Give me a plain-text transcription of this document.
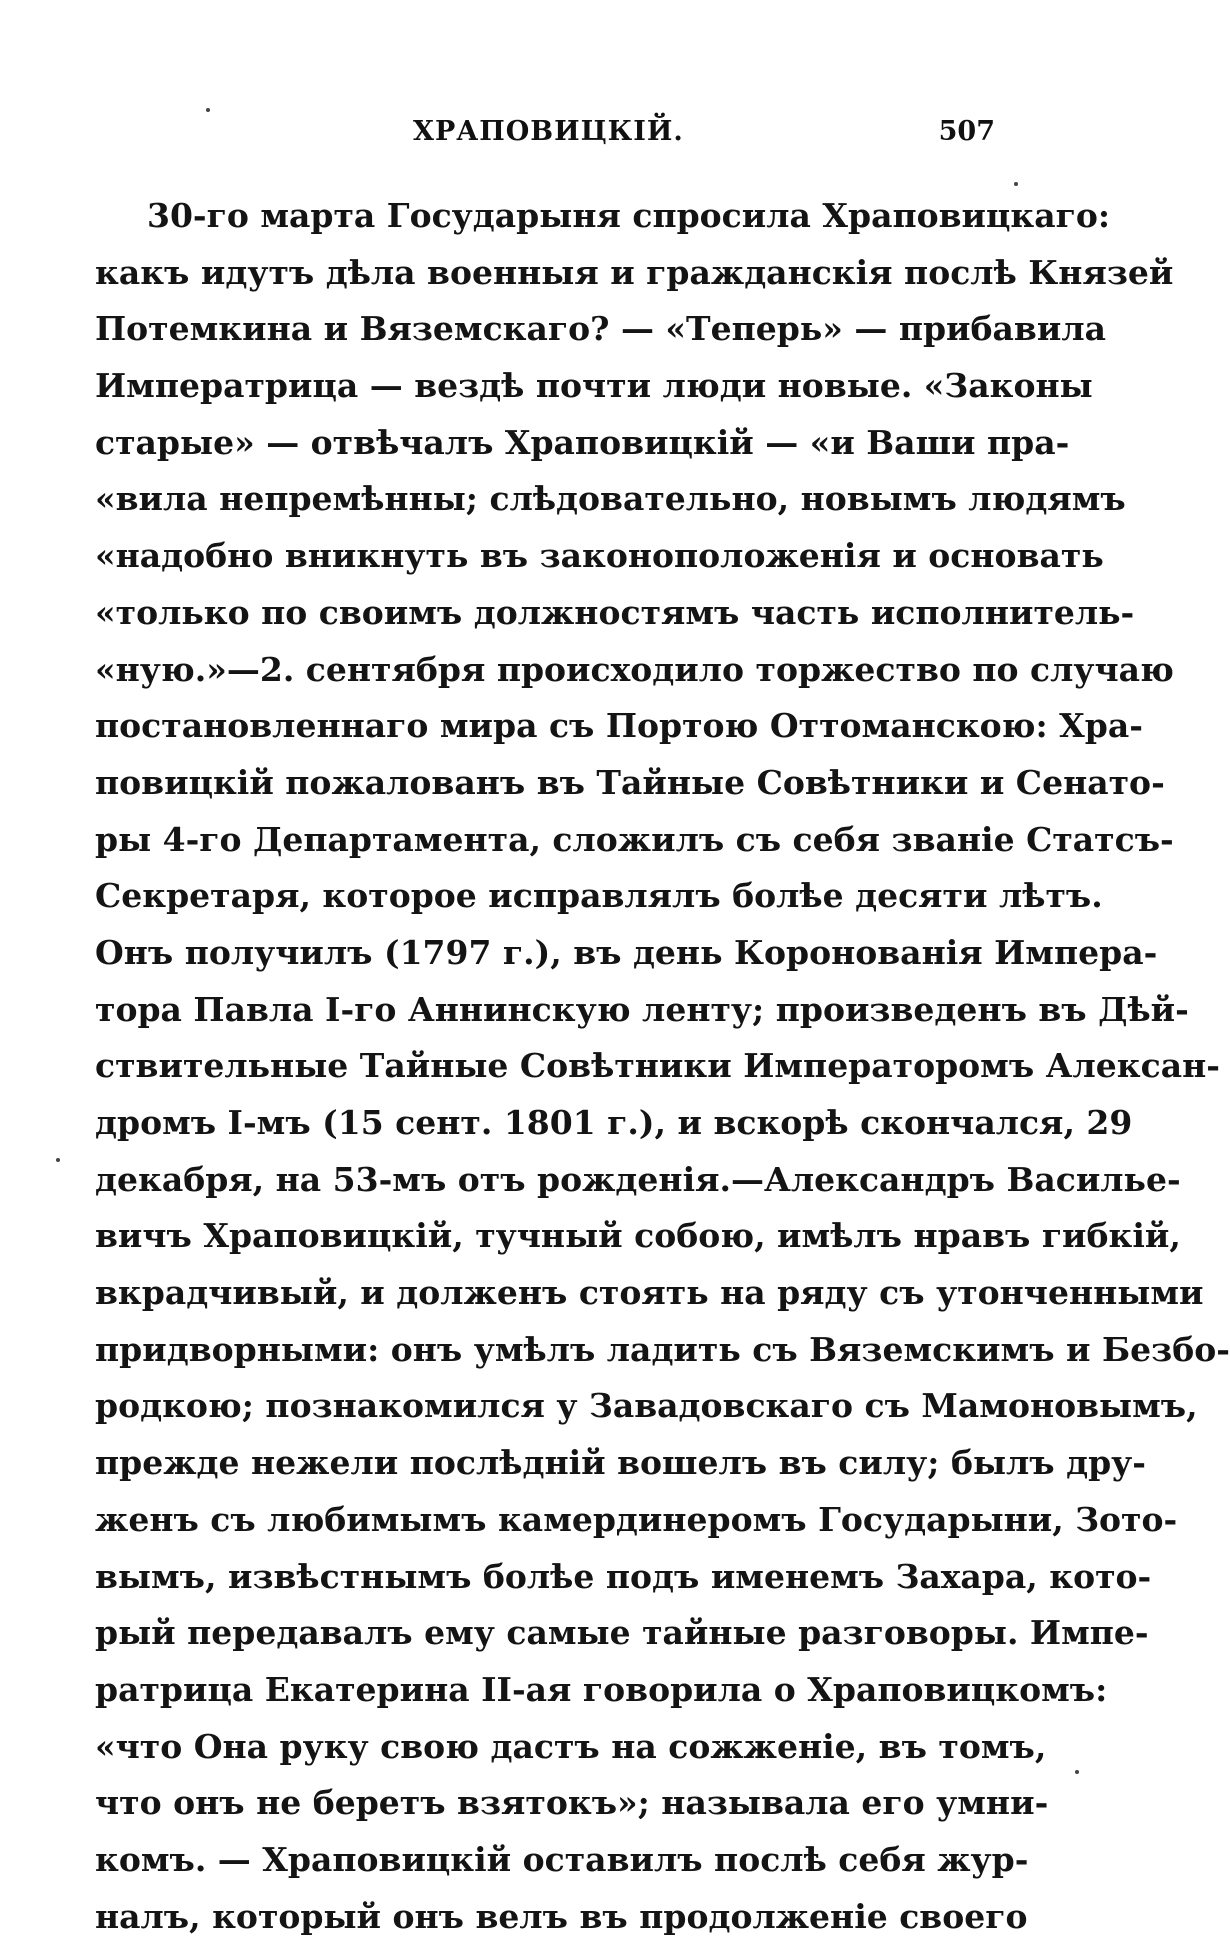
ХРАПОВИЦКІЙ.	507
30-го марта Государыня спросила Храповицкаго:
какъ идутъ дѣла военныя и гражданскія послѣ Князей
Потемкина и Вяземскаго? — «Теперь» — прибавила
Императрица — вездѣ почти люди новые. «Законы
старые» — отвѣчалъ Храповицкій — «и Ваши пра-
«вила непремѣнны; слѣдовательно, новымъ людямъ
«надобно вникнуть въ законоположенія и основать
«только по своимъ должностямъ часть исполнитель-
«ную.»—2. сентября происходило торжество по случаю
постановленнаго мира съ Портою Оттоманскою: Хра-
повицкій пожалованъ въ Тайные Совѣтники и Сенато-
ры 4-го Департамента, сложилъ съ себя званіе Статсъ-
Секретаря, которое исправлялъ болѣе десяти лѣтъ.
Онъ получилъ (1797 г.), въ день Коронованія Импера-
тора Павла I-го Аннинскую ленту; произведенъ въ Дѣй-
ствительные Тайные Совѣтники Императоромъ Алексан-
дромъ I-мъ (15 сент. 1801 г.), и вскорѣ скончался, 29
декабря, на 53-мъ отъ рожденія.—Александръ Василье-
вичъ Храповицкій, тучный собою, имѣлъ нравъ гибкій,
вкрадчивый, и долженъ стоять на ряду съ утонченными
придворными: онъ умѣлъ ладить съ Вяземскимъ и Безбо-
родкою; познакомился у Завадовскаго съ Мамоновымъ,
прежде нежели послѣдній вошелъ въ силу; былъ дру-
женъ съ любимымъ камердинеромъ Государыни, Зото-
вымъ, извѣстнымъ болѣе подъ именемъ Захара, кото-
рый передавалъ ему самые тайные разговоры. Импе-
ратрица Екатерина II-ая говорила о Храповицкомъ:
«что Она руку свою дастъ на сожженіе, въ томъ,
что онъ не беретъ взятокъ»; называла его умни-
комъ. — Храповицкій оставилъ послѣ себя жур-
налъ, который онъ велъ въ продолженіе своего
